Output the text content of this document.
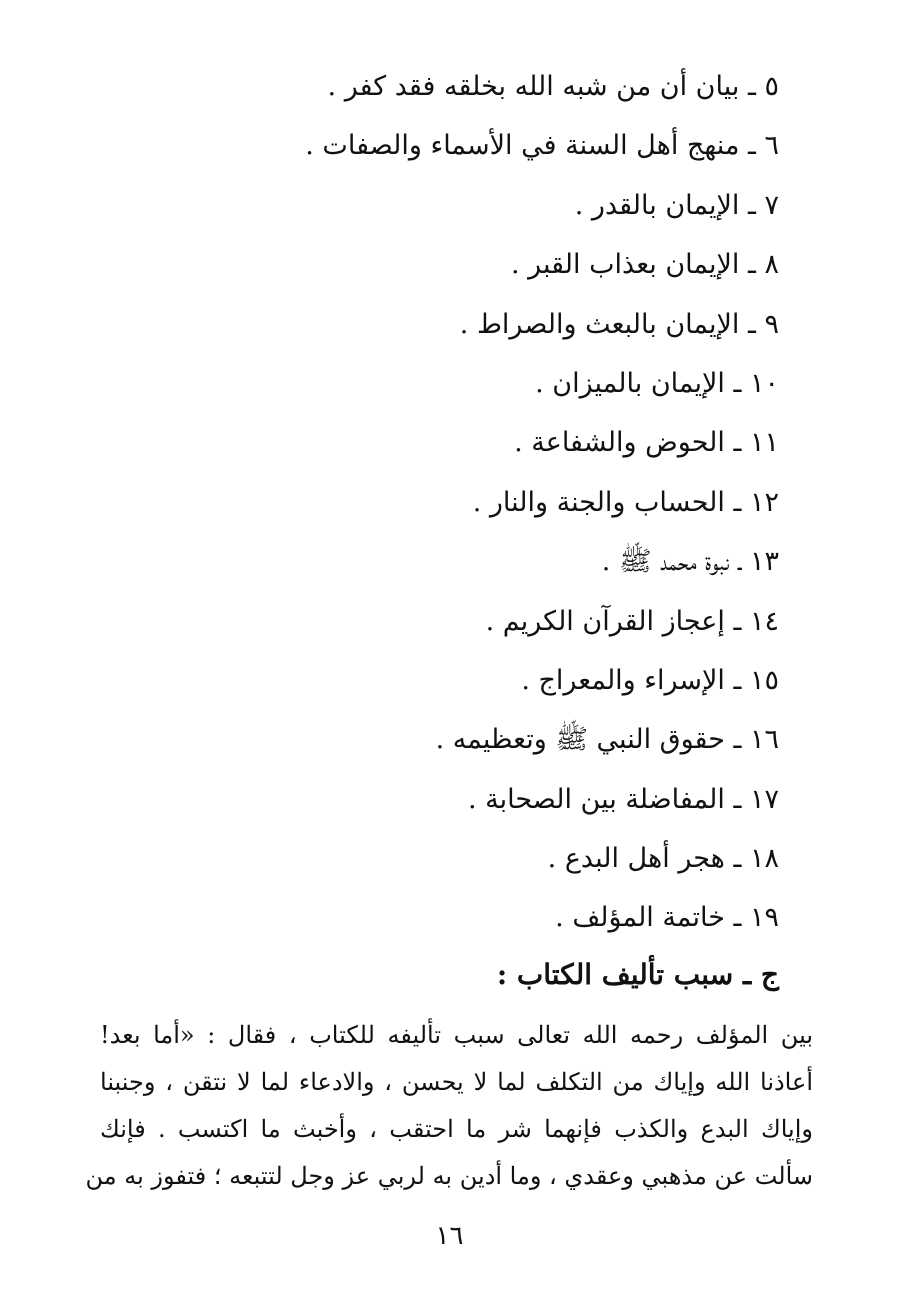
٥ ـ بيان أن من شبه الله بخلقه فقد كفر .
٦ ـ منهج أهل السنة في الأسماء والصفات .
٧ ـ الإيمان بالقدر .
٨ ـ الإيمان بعذاب القبر .
٩ ـ الإيمان بالبعث والصراط .
١٠ ـ الإيمان بالميزان .
١١ ـ الحوض والشفاعة .
١٢ ـ الحساب والجنة والنار .
١٣ ـ نبوة محمد ﷺ .
١٤ ـ إعجاز القرآن الكريم .
١٥ ـ الإسراء والمعراج .
١٦ ـ حقوق النبي ﷺ وتعظيمه .
١٧ ـ المفاضلة بين الصحابة .
١٨ ـ هجر أهل البدع .
١٩ ـ خاتمة المؤلف .
ج ـ سبب تأليف الكتاب :
بين المؤلف رحمه الله تعالى سبب تأليفه للكتاب ، فقال : «أما بعد!
أعاذنا الله وإياك من التكلف لما لا يحسن ، والادعاء لما لا نتقن ، وجنبنا
وإياك البدع والكذب فإنهما شر ما احتقب ، وأخبث ما اكتسب . فإنك
سألت عن مذهبي وعقدي ، وما أدين به لربي عز وجل لتتبعه ؛ فتفوز به من
١٦
